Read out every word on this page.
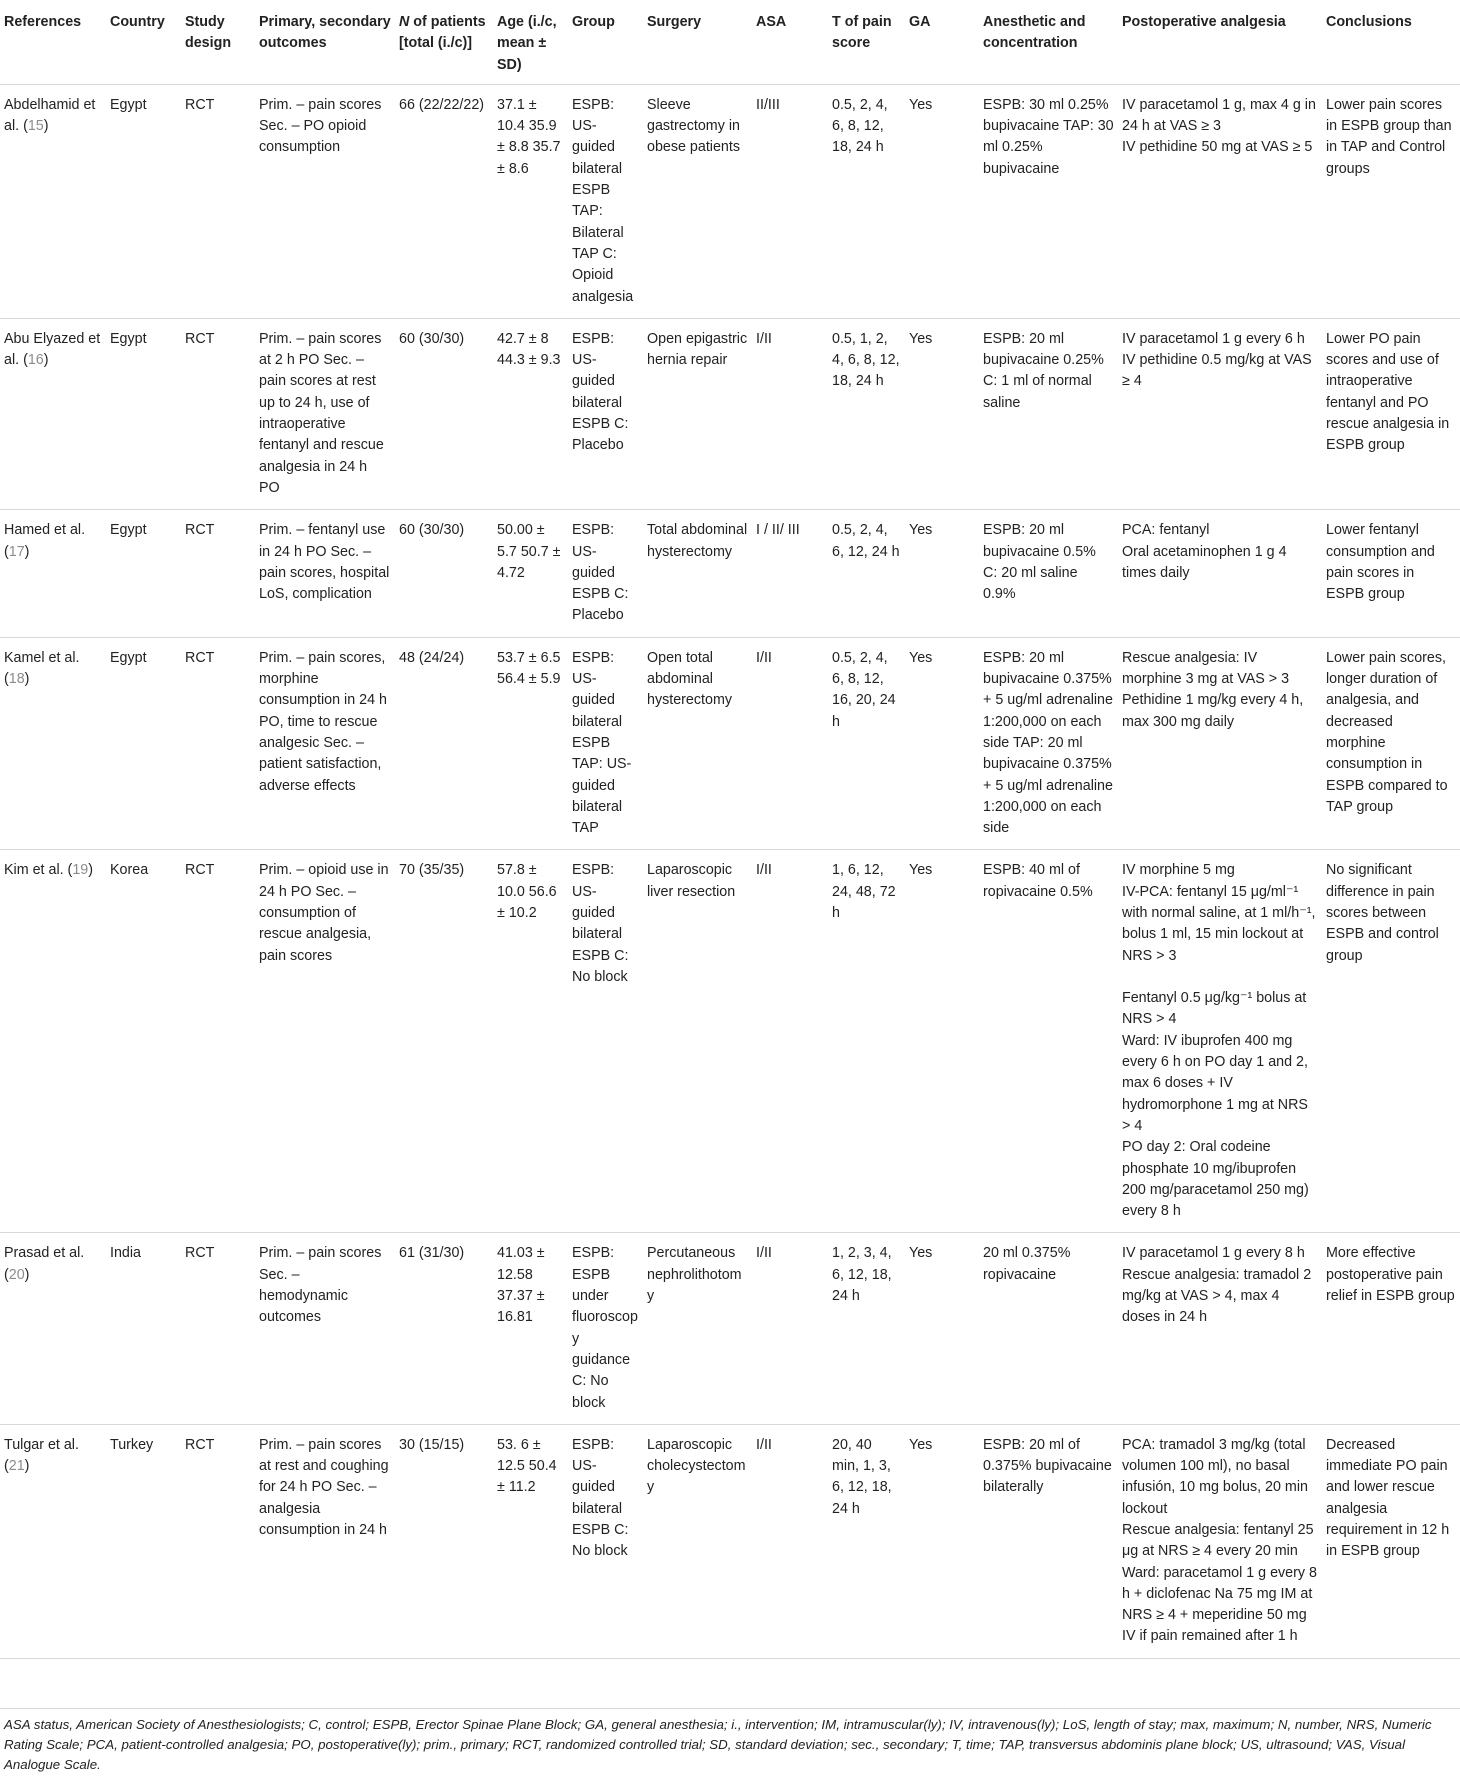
References	Country	Study design	Primary, secondary outcomes	N of patients [total (i./c)]	Age (i./c, mean ± SD)	Group	Surgery	ASA	T of pain score	GA	Anesthetic and concentration	Postoperative analgesia	Conclusions
Abdelhamid et al. (15)	Egypt	RCT	Prim. – pain scores Sec. – PO opioid consumption	66 (22/22/22)	37.1 ± 10.4 35.9 ± 8.8 35.7 ± 8.6	ESPB: US-guided bilateral ESPB TAP: Bilateral TAP C: Opioid analgesia	Sleeve gastrectomy in obese patients	II/III	0.5, 2, 4, 6, 8, 12, 18, 24 h	Yes	ESPB: 30 ml 0.25% bupivacaine TAP: 30 ml 0.25% bupivacaine	IV paracetamol 1 g, max 4 g in 24 h at VAS ≥ 3
IV pethidine 50 mg at VAS ≥ 5	Lower pain scores in ESPB group than in TAP and Control groups
Abu Elyazed et al. (16)	Egypt	RCT	Prim. – pain scores at 2 h PO Sec. – pain scores at rest up to 24 h, use of intraoperative fentanyl and rescue analgesia in 24 h PO	60 (30/30)	42.7 ± 8 44.3 ± 9.3	ESPB: US-guided bilateral ESPB C: Placebo	Open epigastric hernia repair	I/II	0.5, 1, 2, 4, 6, 8, 12, 18, 24 h	Yes	ESPB: 20 ml bupivacaine 0.25% C: 1 ml of normal saline	IV paracetamol 1 g every 6 h
IV pethidine 0.5 mg/kg at VAS ≥ 4	Lower PO pain scores and use of intraoperative fentanyl and PO rescue analgesia in ESPB group
Hamed et al. (17)	Egypt	RCT	Prim. – fentanyl use in 24 h PO Sec. – pain scores, hospital LoS, complication	60 (30/30)	50.00 ± 5.7 50.7 ± 4.72	ESPB: US-guided ESPB C: Placebo	Total abdominal hysterectomy	I / II/ III	0.5, 2, 4, 6, 12, 24 h	Yes	ESPB: 20 ml bupivacaine 0.5% C: 20 ml saline 0.9%	PCA: fentanyl
Oral acetaminophen 1 g 4 times daily	Lower fentanyl consumption and pain scores in ESPB group
Kamel et al. (18)	Egypt	RCT	Prim. – pain scores, morphine consumption in 24 h PO, time to rescue analgesic Sec. – patient satisfaction, adverse effects	48 (24/24)	53.7 ± 6.5 56.4 ± 5.9	ESPB: US-guided bilateral ESPB TAP: US-guided bilateral TAP	Open total abdominal hysterectomy	I/II	0.5, 2, 4, 6, 8, 12, 16, 20, 24 h	Yes	ESPB: 20 ml bupivacaine 0.375% + 5 ug/ml adrenaline 1:200,000 on each side TAP: 20 ml bupivacaine 0.375% + 5 ug/ml adrenaline 1:200,000 on each side	Rescue analgesia: IV morphine 3 mg at VAS > 3
Pethidine 1 mg/kg every 4 h, max 300 mg daily	Lower pain scores, longer duration of analgesia, and decreased morphine consumption in ESPB compared to TAP group
Kim et al. (19)	Korea	RCT	Prim. – opioid use in 24 h PO Sec. – consumption of rescue analgesia, pain scores	70 (35/35)	57.8 ± 10.0 56.6 ± 10.2	ESPB: US-guided bilateral ESPB C: No block	Laparoscopic liver resection	I/II	1, 6, 12, 24, 48, 72 h	Yes	ESPB: 40 ml of ropivacaine 0.5%	IV morphine 5 mg
IV-PCA: fentanyl 15 μg/ml⁻¹ with normal saline, at 1 ml/h⁻¹, bolus 1 ml, 15 min lockout at NRS > 3

Fentanyl 0.5 μg/kg⁻¹ bolus at NRS > 4
Ward: IV ibuprofen 400 mg every 6 h on PO day 1 and 2, max 6 doses + IV hydromorphone 1 mg at NRS > 4
PO day 2: Oral codeine phosphate 10 mg/ibuprofen 200 mg/paracetamol 250 mg) every 8 h	No significant difference in pain scores between ESPB and control group
Prasad et al. (20)	India	RCT	Prim. – pain scores Sec. – hemodynamic outcomes	61 (31/30)	41.03 ± 12.58 37.37 ± 16.81	ESPB: ESPB under fluoroscopy guidance C: No block	Percutaneous nephrolithotomy	I/II	1, 2, 3, 4, 6, 12, 18, 24 h	Yes	20 ml 0.375% ropivacaine	IV paracetamol 1 g every 8 h
Rescue analgesia: tramadol 2 mg/kg at VAS > 4, max 4 doses in 24 h	More effective postoperative pain relief in ESPB group
Tulgar et al. (21)	Turkey	RCT	Prim. – pain scores at rest and coughing for 24 h PO Sec. – analgesia consumption in 24 h	30 (15/15)	53. 6 ± 12.5 50.4 ± 11.2	ESPB: US-guided bilateral ESPB C: No block	Laparoscopic cholecystectomy	I/II	20, 40 min, 1, 3, 6, 12, 18, 24 h	Yes	ESPB: 20 ml of 0.375% bupivacaine bilaterally	PCA: tramadol 3 mg/kg (total volumen 100 ml), no basal infusión, 10 mg bolus, 20 min lockout
Rescue analgesia: fentanyl 25 μg at NRS ≥ 4 every 20 min
Ward: paracetamol 1 g every 8 h + diclofenac Na 75 mg IM at NRS ≥ 4 + meperidine 50 mg IV if pain remained after 1 h	Decreased immediate PO pain and lower rescue analgesia requirement in 12 h in ESPB group
ASA status, American Society of Anesthesiologists; C, control; ESPB, Erector Spinae Plane Block; GA, general anesthesia; i., intervention; IM, intramuscular(ly); IV, intravenous(ly); LoS, length of stay; max, maximum; N, number, NRS, Numeric Rating Scale; PCA, patient-controlled analgesia; PO, postoperative(ly); prim., primary; RCT, randomized controlled trial; SD, standard deviation; sec., secondary; T, time; TAP, transversus abdominis plane block; US, ultrasound; VAS, Visual Analogue Scale.
